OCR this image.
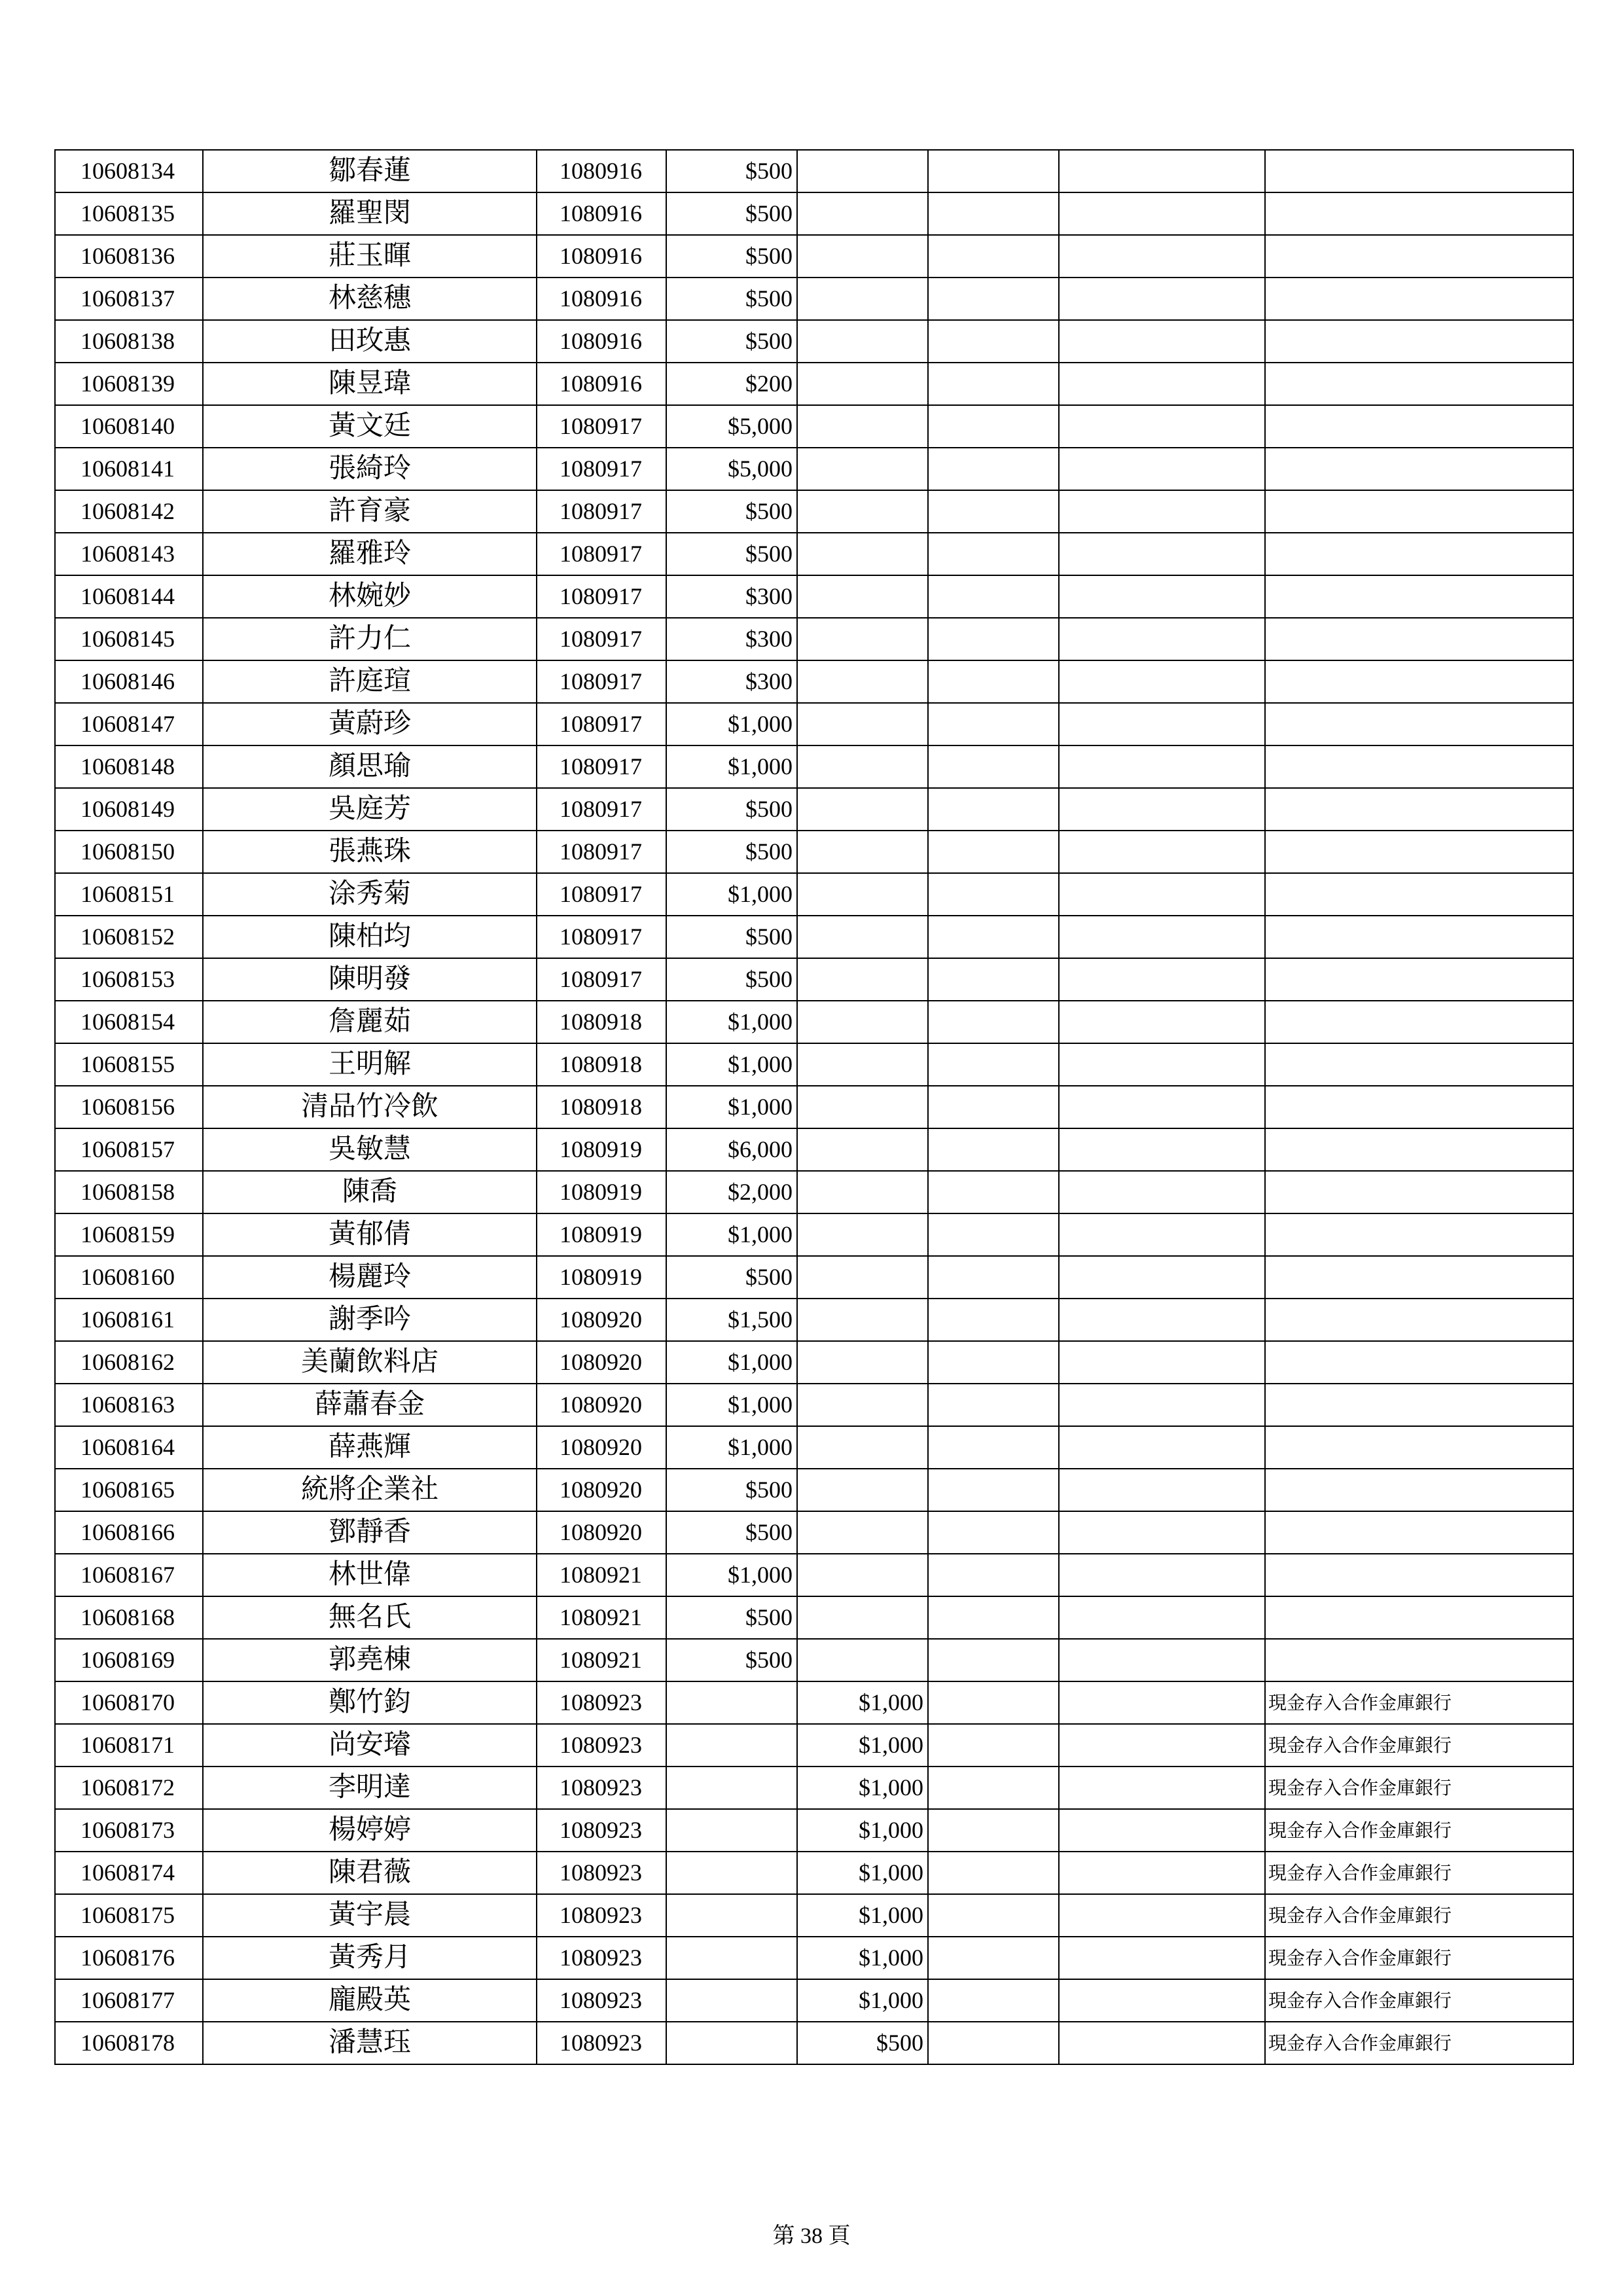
10608134	鄒春蓮	1080916	$500				
10608135	羅聖閔	1080916	$500				
10608136	莊玉暉	1080916	$500				
10608137	林慈穗	1080916	$500				
10608138	田玫惠	1080916	$500				
10608139	陳昱瑋	1080916	$200				
10608140	黃文廷	1080917	$5,000				
10608141	張綺玲	1080917	$5,000				
10608142	許育豪	1080917	$500				
10608143	羅雅玲	1080917	$500				
10608144	林婉妙	1080917	$300				
10608145	許力仁	1080917	$300				
10608146	許庭瑄	1080917	$300				
10608147	黃蔚珍	1080917	$1,000				
10608148	顏思瑜	1080917	$1,000				
10608149	吳庭芳	1080917	$500				
10608150	張燕珠	1080917	$500				
10608151	涂秀菊	1080917	$1,000				
10608152	陳柏均	1080917	$500				
10608153	陳明發	1080917	$500				
10608154	詹麗茹	1080918	$1,000				
10608155	王明解	1080918	$1,000				
10608156	清品竹冷飲	1080918	$1,000				
10608157	吳敏慧	1080919	$6,000				
10608158	陳喬	1080919	$2,000				
10608159	黃郁倩	1080919	$1,000				
10608160	楊麗玲	1080919	$500				
10608161	謝季吟	1080920	$1,500				
10608162	美蘭飲料店	1080920	$1,000				
10608163	薛蕭春金	1080920	$1,000				
10608164	薛燕輝	1080920	$1,000				
10608165	統將企業社	1080920	$500				
10608166	鄧靜香	1080920	$500				
10608167	林世偉	1080921	$1,000				
10608168	無名氏	1080921	$500				
10608169	郭堯棟	1080921	$500				
10608170	鄭竹鈞	1080923		$1,000			現金存入合作金庫銀行
10608171	尚安璿	1080923		$1,000			現金存入合作金庫銀行
10608172	李明達	1080923		$1,000			現金存入合作金庫銀行
10608173	楊婷婷	1080923		$1,000			現金存入合作金庫銀行
10608174	陳君薇	1080923		$1,000			現金存入合作金庫銀行
10608175	黃宇晨	1080923		$1,000			現金存入合作金庫銀行
10608176	黃秀月	1080923		$1,000			現金存入合作金庫銀行
10608177	龐殿英	1080923		$1,000			現金存入合作金庫銀行
10608178	潘慧珏	1080923		$500			現金存入合作金庫銀行
第 38 頁
